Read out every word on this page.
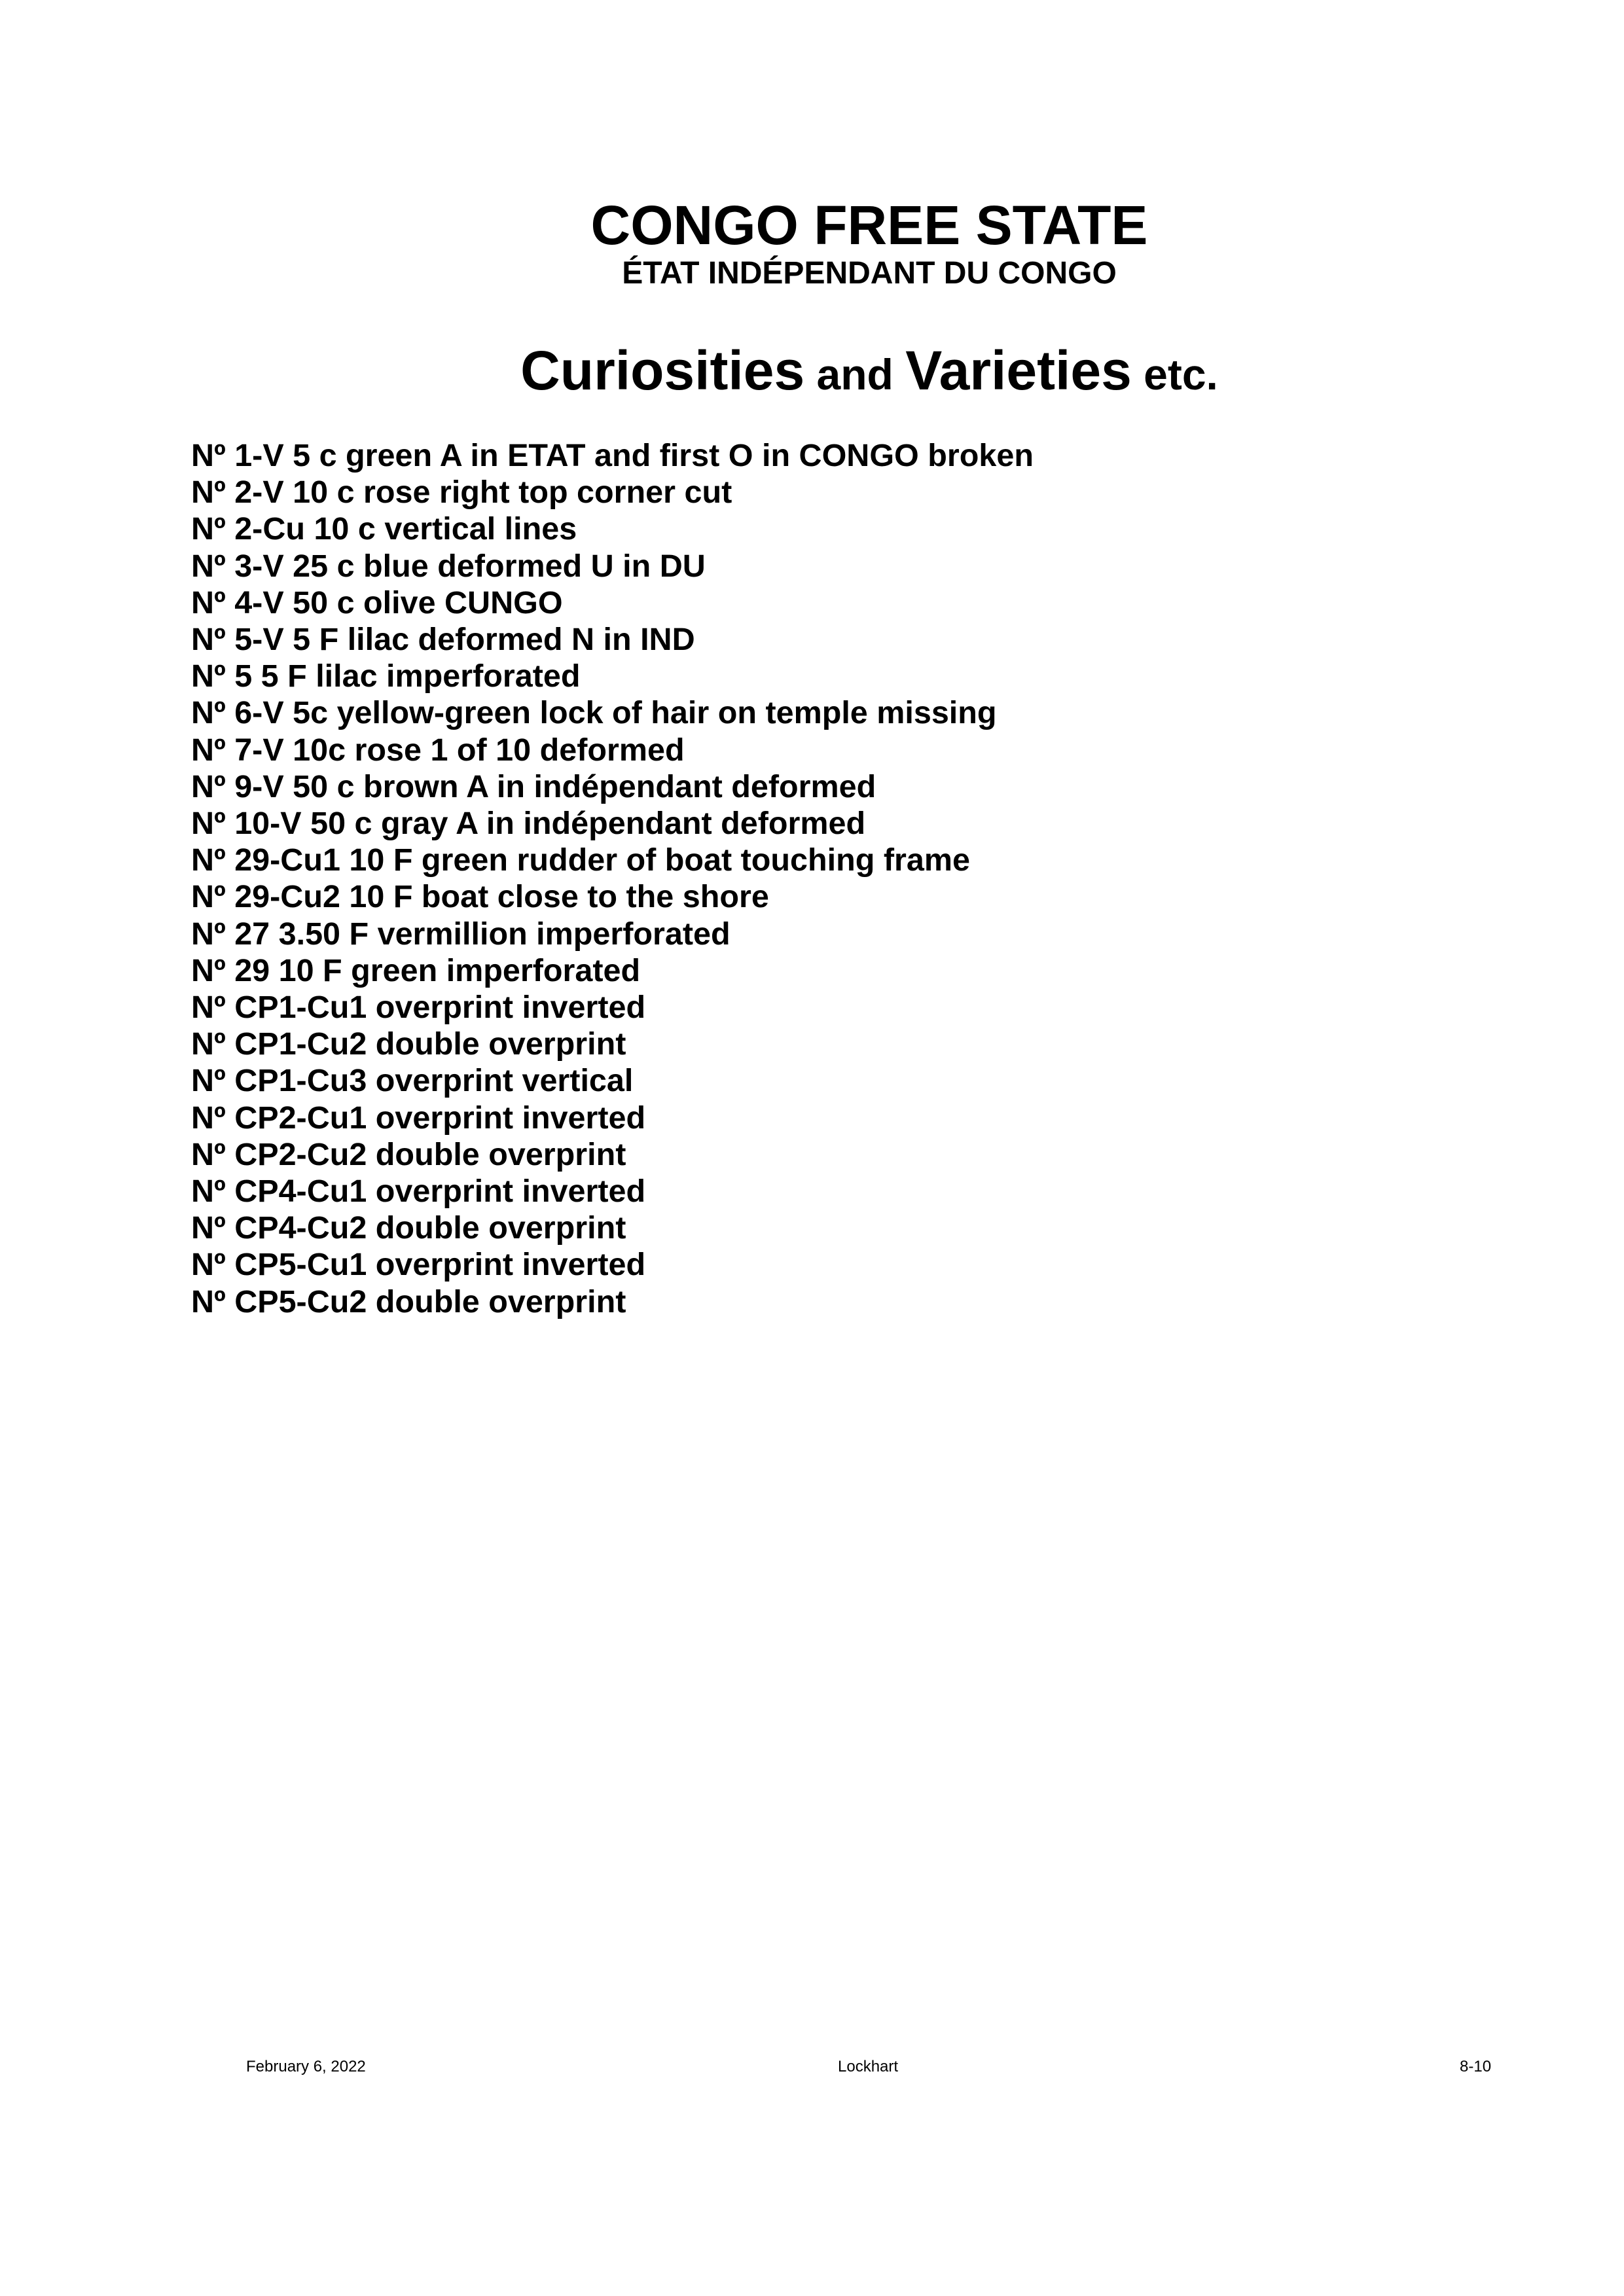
CONGO FREE STATE
ÉTAT INDÉPENDANT DU CONGO
Curiosities and Varieties etc.
Nº 1-V 5 c green A in ETAT and first O in CONGO broken
Nº 2-V 10 c rose right top corner cut
Nº 2-Cu 10 c vertical lines
Nº 3-V 25 c blue deformed U in DU
Nº 4-V 50 c olive CUNGO
Nº 5-V 5 F lilac deformed N in IND
Nº 5 5 F lilac imperforated
Nº 6-V 5c yellow-green lock of hair on temple missing
Nº 7-V 10c rose 1 of 10 deformed
Nº 9-V 50 c brown A in indépendant deformed
Nº 10-V 50 c gray A in indépendant deformed
Nº 29-Cu1 10 F green rudder of boat touching frame
Nº 29-Cu2 10 F boat close to the shore
Nº 27 3.50 F vermillion imperforated
Nº 29 10 F green imperforated
Nº CP1-Cu1 overprint inverted
Nº CP1-Cu2 double overprint
Nº CP1-Cu3 overprint vertical
Nº CP2-Cu1 overprint inverted
Nº CP2-Cu2 double overprint
Nº CP4-Cu1 overprint inverted
Nº CP4-Cu2 double overprint
Nº CP5-Cu1 overprint inverted
Nº CP5-Cu2 double overprint
February 6, 2022	Lockhart	8-10
